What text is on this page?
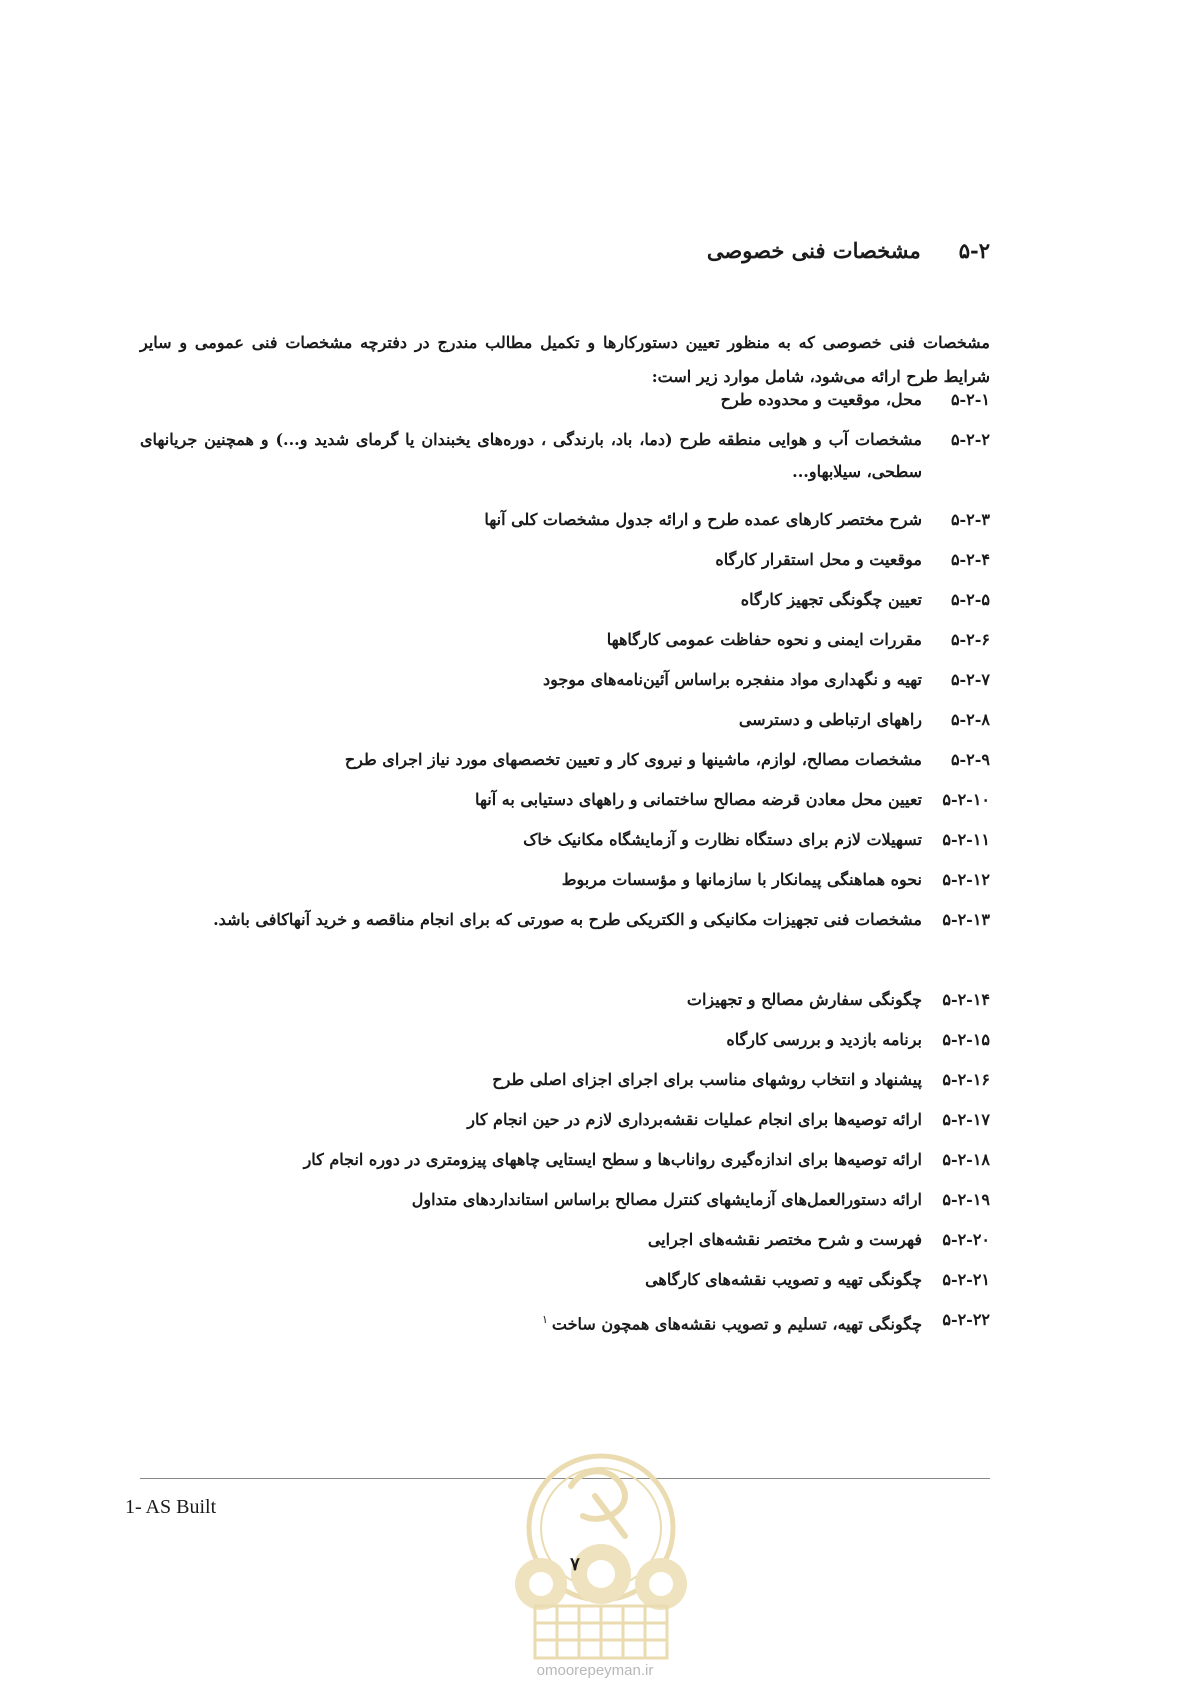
۵-۲مشخصات فنی خصوصی
مشخصات فنی خصوصی که به منظور تعیین دستورکارها و تکمیل مطالب مندرج در دفترچه مشخصات فنی عمومی و سایر شرایط طرح ارائه می‌شود، شامل موارد زیر است:
۵-۲-۱
محل، موقعیت و محدوده طرح
۵-۲-۲
مشخصات آب و هوایی منطقه طرح (دما، باد، بارندگی ، دوره‌های یخبندان یا گرمای شدید و...) و همچنین جریانهای سطحی، سیلابهاو...
۵-۲-۳
شرح مختصر کارهای عمده طرح و ارائه جدول مشخصات کلی آنها
۵-۲-۴
موقعیت و محل استقرار کارگاه
۵-۲-۵
تعیین چگونگی تجهیز کارگاه
۵-۲-۶
مقررات ایمنی و نحوه حفاظت عمومی کارگاهها
۵-۲-۷
تهیه و نگهداری مواد منفجره براساس آئین‌نامه‌های موجود
۵-۲-۸
راههای ارتباطی و دسترسی
۵-۲-۹
مشخصات مصالح، لوازم، ماشینها و نیروی کار و تعیین تخصصهای مورد نیاز اجرای طرح
۵-۲-۱۰
تعیین محل معادن قرضه مصالح ساختمانی و راههای دستیابی به آنها
۵-۲-۱۱
تسهیلات لازم برای دستگاه نظارت و آزمایشگاه مکانیک خاک
۵-۲-۱۲
نحوه هماهنگی پیمانکار با سازمانها و مؤسسات مربوط
۵-۲-۱۳
مشخصات فنی تجهیزات مکانیکی و الکتریکی طرح به صورتی که برای انجام مناقصه و خرید آنهاکافی باشد.
۵-۲-۱۴
چگونگی سفارش مصالح و تجهیزات
۵-۲-۱۵
برنامه بازدید و بررسی کارگاه
۵-۲-۱۶
پیشنهاد و انتخاب روشهای مناسب برای اجرای اجزای اصلی طرح
۵-۲-۱۷
ارائه توصیه‌ها برای انجام عملیات نقشه‌برداری لازم در حین انجام کار
۵-۲-۱۸
ارائه توصیه‌ها برای اندازه‌گیری رواناب‌ها و سطح ایستایی چاههای پیزومتری در دوره انجام کار
۵-۲-۱۹
ارائه دستورالعمل‌های آزمایشهای کنترل مصالح براساس استانداردهای متداول
۵-۲-۲۰
فهرست و شرح مختصر نقشه‌های اجرایی
۵-۲-۲۱
چگونگی تهیه و تصویب نقشه‌های کارگاهی
۵-۲-۲۲
چگونگی تهیه، تسلیم و تصویب نقشه‌های همچون ساخت$^۱$
1- AS Built
۷
omoorepeyman.ir
